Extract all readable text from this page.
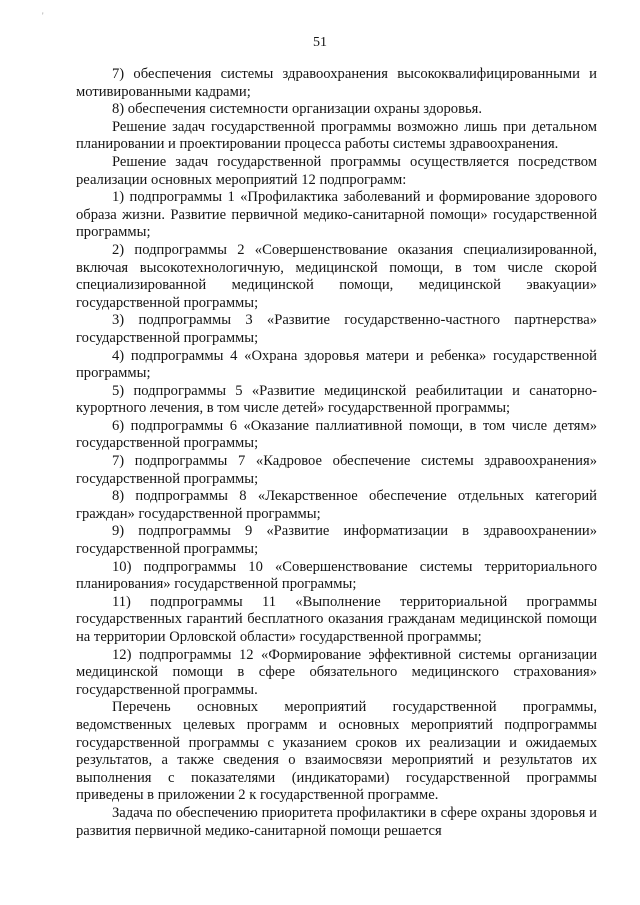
'
51

7) обеспечения системы здравоохранения высококвалифицированными и мотивированными кадрами;

8) обеспечения системности организации охраны здоровья.

Решение задач государственной программы возможно лишь при детальном планировании и проектировании процесса работы системы здравоохранения.

Решение задач государственной программы осуществляется посредством реализации основных мероприятий 12 подпрограмм:

1) подпрограммы 1 «Профилактика заболеваний и формирование здорового образа жизни. Развитие первичной медико-санитарной помощи» государственной программы;

2) подпрограммы 2 «Совершенствование оказания специализированной, включая высокотехнологичную, медицинской помощи, в том числе скорой специализированной медицинской помощи, медицинской эвакуации» государственной программы;

3) подпрограммы 3 «Развитие государственно-частного партнерства» государственной программы;

4) подпрограммы 4 «Охрана здоровья матери и ребенка» государственной программы;

5) подпрограммы 5 «Развитие медицинской реабилитации и санаторно-курортного лечения, в том числе детей» государственной программы;

6) подпрограммы 6 «Оказание паллиативной помощи, в том числе детям» государственной программы;

7) подпрограммы 7 «Кадровое обеспечение системы здравоохранения» государственной программы;

8) подпрограммы 8 «Лекарственное обеспечение отдельных категорий граждан» государственной программы;

9) подпрограммы 9 «Развитие информатизации в здравоохранении» государственной программы;

10) подпрограммы 10 «Совершенствование системы территориального планирования» государственной программы;

11) подпрограммы 11 «Выполнение территориальной программы государственных гарантий бесплатного оказания гражданам медицинской помощи на территории Орловской области» государственной программы;

12) подпрограммы 12 «Формирование эффективной системы организации медицинской помощи в сфере обязательного медицинского страхования» государственной программы.

Перечень основных мероприятий государственной программы, ведомственных целевых программ и основных мероприятий подпрограммы государственной программы с указанием сроков их реализации и ожидаемых результатов, а также сведения о взаимосвязи мероприятий и результатов их выполнения с показателями (индикаторами) государственной программы приведены в приложении 2 к государственной программе.

Задача по обеспечению приоритета профилактики в сфере охраны здоровья и развития первичной медико-санитарной помощи решается
